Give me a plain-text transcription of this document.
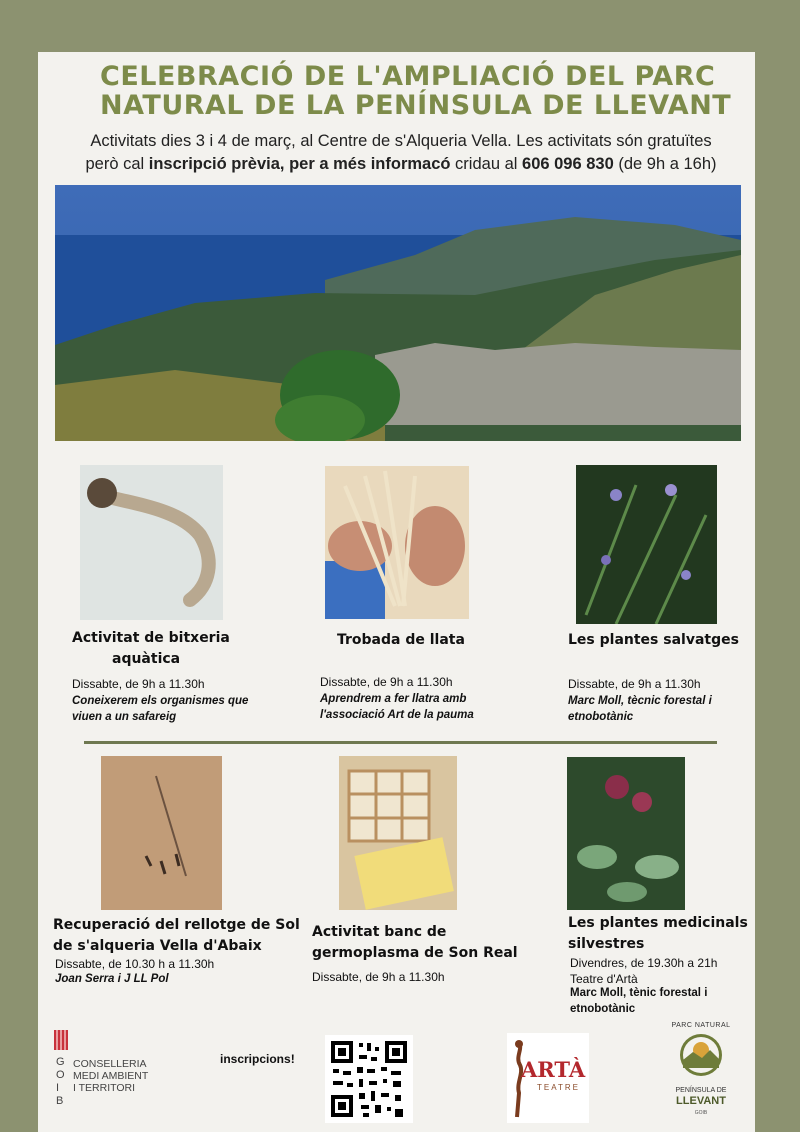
CELEBRACIÓ DE L'AMPLIACIÓ DEL PARC
NATURAL DE LA PENÍNSULA DE LLEVANT
Activitats dies 3 i 4 de març, al Centre de s'Alqueria Vella. Les activitats són gratuïtes
però cal inscripció prèvia, per a més informacó cridau al 606 096 830 (de 9h a 16h)
Activitat de bitxeria
aquàtica
Dissabte, de 9h a 11.30h
Coneixerem els organismes que
viuen a un safareig
Trobada de llata
Dissabte, de 9h a 11.30h
Aprendrem a fer llatra amb
l'associació Art de la pauma
Les plantes salvatges
Dissabte, de 9h a 11.30h
Marc Moll, tècnic forestal i
etnobotànic
Recuperació del rellotge de Sol
de s'alqueria Vella d'Abaix
Dissabte, de 10.30 h a 11.30h
Joan Serra i J LL Pol
Activitat banc de
germoplasma de Son Real
Dissabte, de 9h a 11.30h
Les plantes medicinals
silvestres
Divendres, de 19.30h a 21h
Teatre d'Artà
Marc Moll, tènic forestal i
etnobotànic
G
O
I
B
CONSELLERIA
MEDI AMBIENT
I TERRITORI
inscripcions!	ARTÀ
TEATRE
PARC NATURAL
PENÍNSULA DE
LLEVANT
GOIB
